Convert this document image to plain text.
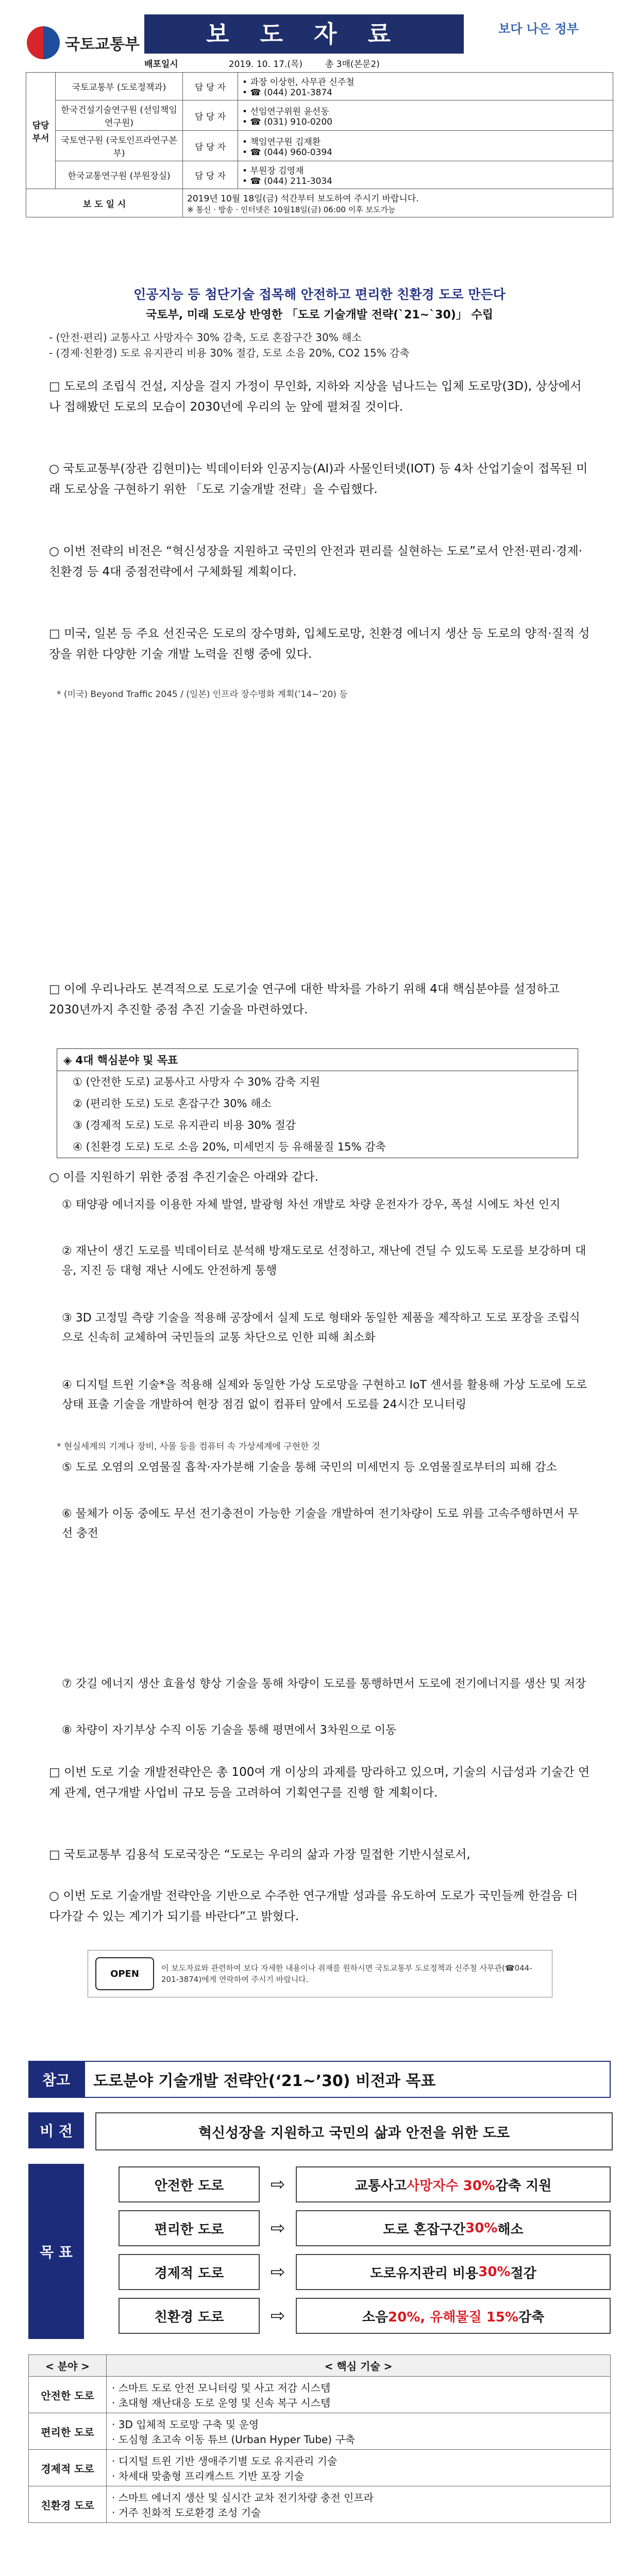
국토교통부	보 도 자 료	보다 나은 정부
배포일시	2019. 10. 17.(목)	총 3매(본문2)
담당 부서	국토교통부 (도로정책과)	담 당 자	• 과장 이상헌, 사무관 신주철
• ☎ (044) 201-3874

	한국건설기술연구원 (선임책임연구원)	담 당 자	• 선임연구위원 윤선동
• ☎ (031) 910-0200

	국토연구원 (국토인프라연구본부)	담 당 자	• 책임연구원 김재환
• ☎ (044) 960-0394

	한국교통연구원 (부원장실)	담 당 자	• 부원장 김영재
• ☎ (044) 211-3034

보 도 일 시		2019년 10월 18일(금) 석간부터 보도하여 주시기 바랍니다.
※ 통신 · 방송 · 인터넷은 10월18일(금) 06:00 이후 보도가능	
인공지능 등 첨단기술 접목해 안전하고 편리한 친환경 도로 만든다
국토부, 미래 도로상 반영한 「도로 기술개발 전략(`21~`30)」 수립
- (안전·편리) 교통사고 사망자수 30% 감축, 도로 혼잡구간 30% 해소
- (경제·친환경) 도로 유지관리 비용 30% 절감, 도로 소음 20%, CO2 15% 감축
□ 도로의 조립식 건설, 지상을 걸지 가정이 무인화, 지하와 지상을 넘나드는 입체 도로망(3D), 상상에서나 접해봤던 도로의 모습이 2030년에 우리의 눈 앞에 펼쳐질 것이다.
○ 국토교통부(장관 김현미)는 빅데이터와 인공지능(AI)과 사물인터넷(IOT) 등 4차 산업기술이 접목된 미래 도로상을 구현하기 위한 「도로 기술개발 전략」을 수립했다.
○ 이번 전략의 비전은 “혁신성장을 지원하고 국민의 안전과 편리를 실현하는 도로”로서 안전·편리·경제·친환경 등 4대 중점전략에서 구체화될 계획이다.
□ 미국, 일본 등 주요 선진국은 도로의 장수명화, 입체도로망, 친환경 에너지 생산 등 도로의 양적·질적 성장을 위한 다양한 기술 개발 노력을 진행 중에 있다.
* (미국) Beyond Traffic 2045 / (일본) 인프라 장수명화 계획(’14~’20) 등
□ 이에 우리나라도 본격적으로 도로기술 연구에 대한 박차를 가하기 위해 4대 핵심분야를 설정하고 2030년까지 추진할 중점 추진 기술을 마련하였다.
◈ 4대 핵심분야 및 목표
① (안전한 도로) 교통사고 사망자 수 30% 감축 지원
② (편리한 도로) 도로 혼잡구간 30% 해소
③ (경제적 도로) 도로 유지관리 비용 30% 절감
④ (친환경 도로) 도로 소음 20%, 미세먼지 등 유해물질 15% 감축
○ 이를 지원하기 위한 중점 추진기술은 아래와 같다.
① 태양광 에너지를 이용한 자체 발열, 발광형 차선 개발로 차량 운전자가 강우, 폭설 시에도 차선 인지
② 재난이 생긴 도로를 빅데이터로 분석해 방재도로로 선정하고, 재난에 견딜 수 있도록 도로를 보강하며 대응, 지진 등 대형 재난 시에도 안전하게 통행
③ 3D 고정밀 측량 기술을 적용해 공장에서 실제 도로 형태와 동일한 제품을 제작하고 도로 포장을 조립식으로 신속히 교체하여 국민들의 교통 차단으로 인한 피해 최소화
④ 디지털 트윈 기술*을 적용해 실제와 동일한 가상 도로망을 구현하고 IoT 센서를 활용해 가상 도로에 도로 상태 표출 기술을 개발하여 현장 점검 없이 컴퓨터 앞에서 도로를 24시간 모니터링
* 현실세계의 기계나 장비, 사물 등을 컴퓨터 속 가상세계에 구현한 것
⑤ 도로 오염의 오염물질 흡착·자가분해 기술을 통해 국민의 미세먼지 등 오염물질로부터의 피해 감소
⑥ 물체가 이동 중에도 무선 전기충전이 가능한 기술을 개발하여 전기차량이 도로 위를 고속주행하면서 무선 충전
⑦ 갓길 에너지 생산 효율성 향상 기술을 통해 차량이 도로를 통행하면서 도로에 전기에너지를 생산 및 저장
⑧ 차량이 자기부상 수직 이동 기술을 통해 평면에서 3차원으로 이동
□ 이번 도로 기술 개발전략안은 총 100여 개 이상의 과제를 망라하고 있으며, 기술의 시급성과 기술간 연계 관계, 연구개발 사업비 규모 등을 고려하여 기획연구를 진행 할 계획이다.
□ 국토교통부 김용석 도로국장은 “도로는 우리의 삶과 가장 밀접한 기반시설로서,
○ 이번 도로 기술개발 전략안을 기반으로 수주한 연구개발 성과를 유도하여 도로가 국민들께 한걸음 더 다가갈 수 있는 계기가 되기를 바란다”고 밝혔다.
OPEN
이 보도자료와 관련하여 보다 자세한 내용이나 취재를 원하시면 국토교통부 도로정책과 신주철 사무관(☎044-201-3874)에게 연락하여 주시기 바랍니다.
참고	도로분야 기술개발 전략안(‘21~’30) 비전과 목표
비 전	혁신성장을 지원하고 국민의 삶과 안전을 위한 도로
목 표
안전한 도로	⇨	교통사고 사망자수 30% 감축 지원
편리한 도로	⇨	도로 혼잡구간 30% 해소
경제적 도로	⇨	도로유지관리 비용 30% 절감
친환경 도로	⇨	소음 20%, 유해물질 15% 감축
< 분야 >	< 핵심 기술 >
안전한 도로	· 스마트 도로 안전 모니터링 및 사고 저감 시스템
· 초대형 재난대응 도로 운영 및 신속 복구 시스템

편리한 도로	· 3D 입체적 도로망 구축 및 운영
· 도심형 초고속 이동 튜브 (Urban Hyper Tube) 구축

경제적 도로	· 디지털 트윈 기반 생애주기별 도로 유지관리 기술
· 차세대 맞춤형 프리캐스트 기반 포장 기술

친환경 도로	· 스마트 에너지 생산 및 실시간 교차 전기차량 충전 인프라
· 거주 친화적 도로환경 조성 기술
